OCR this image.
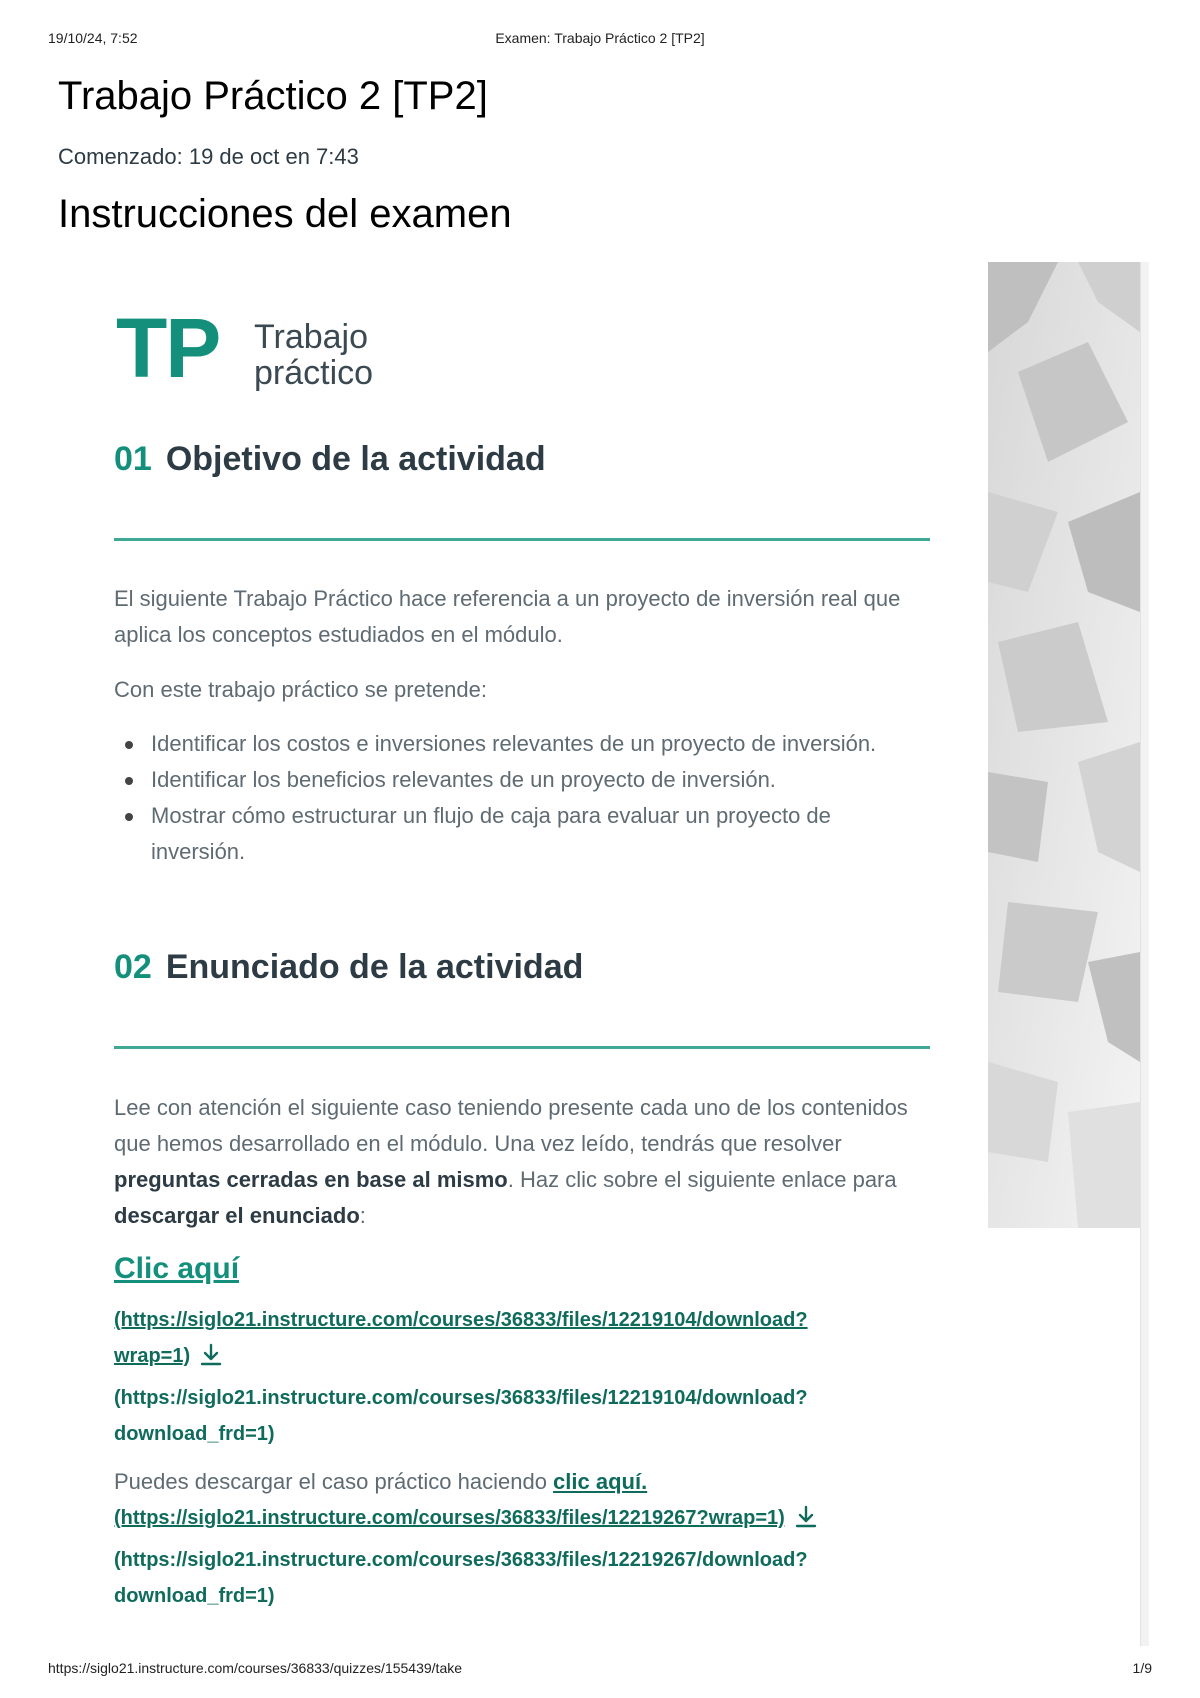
19/10/24, 7:52	Examen: Trabajo Práctico 2 [TP2]
Trabajo Práctico 2 [TP2]

Comenzado: 19 de oct en 7:43

Instrucciones del examen
TP Trabajo
práctico
01 Objetivo de la actividad

El siguiente Trabajo Práctico hace referencia a un proyecto de inversión real que aplica los conceptos estudiados en el módulo.

Con este trabajo práctico se pretende:

Identificar los costos e inversiones relevantes de un proyecto de inversión.
Identificar los beneficios relevantes de un proyecto de inversión.
Mostrar cómo estructurar un flujo de caja para evaluar un proyecto de inversión.
02 Enunciado de la actividad

Lee con atención el siguiente caso teniendo presente cada uno de los contenidos que hemos desarrollado en el módulo. Una vez leído, tendrás que resolver preguntas cerradas en base al mismo. Haz clic sobre el siguiente enlace para descargar el enunciado:

Clic aquí
(https://siglo21.instructure.com/courses/36833/files/12219104/download?
wrap=1)
(https://siglo21.instructure.com/courses/36833/files/12219104/download?
download_frd=1)
Puedes descargar el caso práctico haciendo clic aquí.
(https://siglo21.instructure.com/courses/36833/files/12219267?wrap=1)
(https://siglo21.instructure.com/courses/36833/files/12219267/download?
download_frd=1)
https://siglo21.instructure.com/courses/36833/quizzes/155439/take	1/9
